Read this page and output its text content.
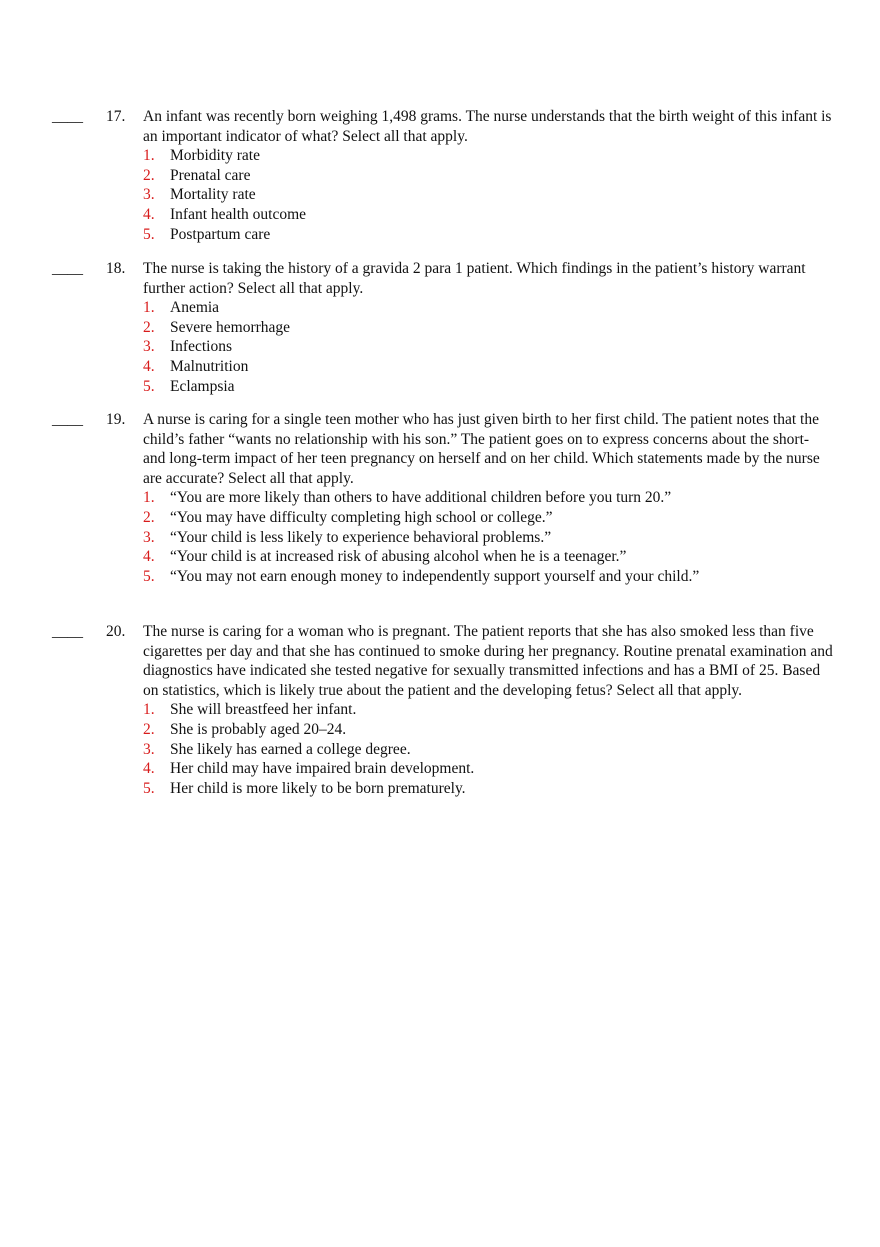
____ 17. An infant was recently born weighing 1,498 grams. The nurse understands that the birth weight of this infant is an important indicator of what? Select all that apply.

1. Morbidity rate
2. Prenatal care
3. Mortality rate
4. Infant health outcome
5. Postpartum care
____ 18. The nurse is taking the history of a gravida 2 para 1 patient. Which findings in the patient’s history warrant further action? Select all that apply.

1. Anemia
2. Severe hemorrhage
3. Infections
4. Malnutrition
5. Eclampsia
____ 19. A nurse is caring for a single teen mother who has just given birth to her first child. The patient notes that the child’s father “wants no relationship with his son.” The patient goes on to express concerns about the short- and long-term impact of her teen pregnancy on herself and on her child. Which statements made by the nurse are accurate? Select all that apply.

1. “You are more likely than others to have additional children before you turn 20.”
2. “You may have difficulty completing high school or college.”
3. “Your child is less likely to experience behavioral problems.”
4. “Your child is at increased risk of abusing alcohol when he is a teenager.”
5. “You may not earn enough money to independently support yourself and your child.”
____ 20. The nurse is caring for a woman who is pregnant. The patient reports that she has also smoked less than five cigarettes per day and that she has continued to smoke during her pregnancy. Routine prenatal examination and diagnostics have indicated she tested negative for sexually transmitted infections and has a BMI of 25. Based on statistics, which is likely true about the patient and the developing fetus? Select all that apply.

1. She will breastfeed her infant.
2. She is probably aged 20–24.
3. She likely has earned a college degree.
4. Her child may have impaired brain development.
5. Her child is more likely to be born prematurely.
